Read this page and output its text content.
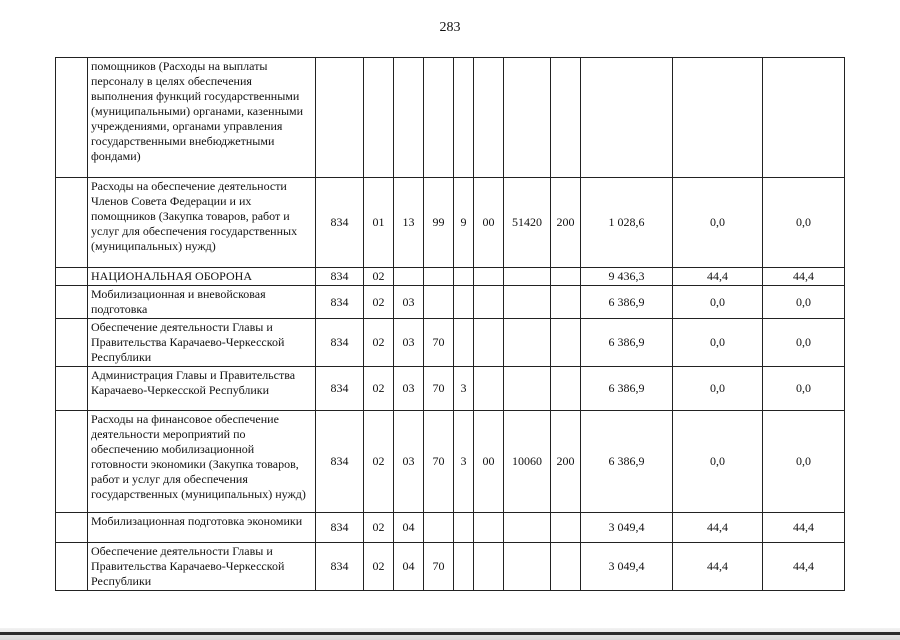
283
	помощников (Расходы на выплаты персоналу в целях обеспечения выполнения функций государственными (муниципальными) органами, казенными учреждениями, органами управления государственными внебюджетными фондами)											
	Расходы на обеспечение деятельности Членов Совета Федерации и их помощников (Закупка товаров, работ и услуг для обеспечения государственных (муниципальных) нужд)	834	01	13	99	9	00	51420	200	1 028,6	0,0	0,0
	НАЦИОНАЛЬНАЯ ОБОРОНА	834	02							9 436,3	44,4	44,4
	Мобилизационная и вневойсковая подготовка	834	02	03						6 386,9	0,0	0,0
	Обеспечение деятельности Главы и Правительства Карачаево-Черкесской Республики	834	02	03	70					6 386,9	0,0	0,0
	Администрация Главы и Правительства Карачаево-Черкесской Республики	834	02	03	70	3				6 386,9	0,0	0,0
	Расходы на финансовое обеспечение деятельности мероприятий по обеспечению мобилизационной готовности экономики (Закупка товаров, работ и услуг для обеспечения государственных (муниципальных) нужд)	834	02	03	70	3	00	10060	200	6 386,9	0,0	0,0
	Мобилизационная подготовка экономики	834	02	04						3 049,4	44,4	44,4
	Обеспечение деятельности Главы и Правительства Карачаево-Черкесской Республики	834	02	04	70					3 049,4	44,4	44,4
